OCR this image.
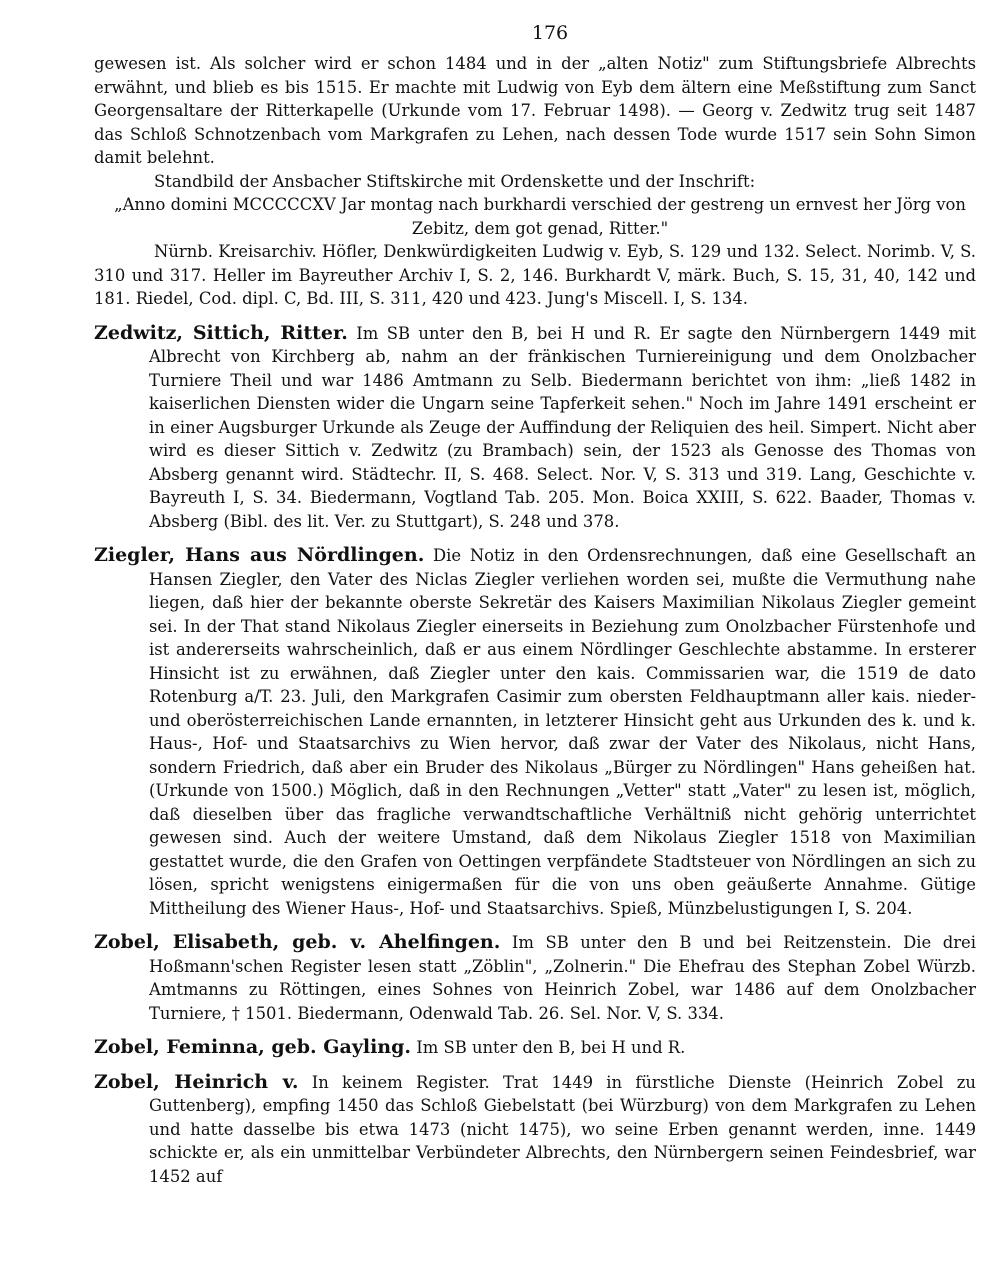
176

gewesen ist. Als solcher wird er schon 1484 und in der „alten Notiz" zum Stiftungsbriefe Albrechts erwähnt, und blieb es bis 1515. Er machte mit Ludwig von Eyb dem ältern eine Meßstiftung zum Sanct Georgensaltare der Ritterkapelle (Urkunde vom 17. Februar 1498). — Georg v. Zedwitz trug seit 1487 das Schloß Schnotzenbach vom Markgrafen zu Lehen, nach dessen Tode wurde 1517 sein Sohn Simon damit belehnt.

Standbild der Ansbacher Stiftskirche mit Ordenskette und der Inschrift:

„Anno domini MCCCCCXV Jar montag nach burkhardi verschied der gestreng un ernvest her Jörg von Zebitz, dem got genad, Ritter."

Nürnb. Kreisarchiv. Höfler, Denkwürdigkeiten Ludwig v. Eyb, S. 129 und 132. Select. Norimb. V, S. 310 und 317. Heller im Bayreuther Archiv I, S. 2, 146. Burkhardt V, märk. Buch, S. 15, 31, 40, 142 und 181. Riedel, Cod. dipl. C, Bd. III, S. 311, 420 und 423. Jung's Miscell. I, S. 134.

Zedwitz, Sittich, Ritter. Im SB unter den B, bei H und R. Er sagte den Nürnbergern 1449 mit Albrecht von Kirchberg ab, nahm an der fränkischen Turniereinigung und dem Onolzbacher Turniere Theil und war 1486 Amtmann zu Selb. Biedermann berichtet von ihm: „ließ 1482 in kaiserlichen Diensten wider die Ungarn seine Tapferkeit sehen." Noch im Jahre 1491 erscheint er in einer Augsburger Urkunde als Zeuge der Auffindung der Reliquien des heil. Simpert. Nicht aber wird es dieser Sittich v. Zedwitz (zu Brambach) sein, der 1523 als Genosse des Thomas von Absberg genannt wird. Städtechr. II, S. 468. Select. Nor. V, S. 313 und 319. Lang, Geschichte v. Bayreuth I, S. 34. Biedermann, Vogtland Tab. 205. Mon. Boica XXIII, S. 622. Baader, Thomas v. Absberg (Bibl. des lit. Ver. zu Stuttgart), S. 248 und 378.

Ziegler, Hans aus Nördlingen. Die Notiz in den Ordensrechnungen, daß eine Gesellschaft an Hansen Ziegler, den Vater des Niclas Ziegler verliehen worden sei, mußte die Vermuthung nahe liegen, daß hier der bekannte oberste Sekretär des Kaisers Maximilian Nikolaus Ziegler gemeint sei. In der That stand Nikolaus Ziegler einerseits in Beziehung zum Onolzbacher Fürstenhofe und ist andererseits wahrscheinlich, daß er aus einem Nördlinger Geschlechte abstamme. In ersterer Hinsicht ist zu erwähnen, daß Ziegler unter den kais. Commissarien war, die 1519 de dato Rotenburg a/T. 23. Juli, den Markgrafen Casimir zum obersten Feldhauptmann aller kais. nieder- und oberösterreichischen Lande ernannten, in letzterer Hinsicht geht aus Urkunden des k. und k. Haus-, Hof- und Staatsarchivs zu Wien hervor, daß zwar der Vater des Nikolaus, nicht Hans, sondern Friedrich, daß aber ein Bruder des Nikolaus „Bürger zu Nördlingen" Hans geheißen hat. (Urkunde von 1500.) Möglich, daß in den Rechnungen „Vetter" statt „Vater" zu lesen ist, möglich, daß dieselben über das fragliche verwandtschaftliche Verhältniß nicht gehörig unterrichtet gewesen sind. Auch der weitere Umstand, daß dem Nikolaus Ziegler 1518 von Maximilian gestattet wurde, die den Grafen von Oettingen verpfändete Stadtsteuer von Nördlingen an sich zu lösen, spricht wenigstens einigermaßen für die von uns oben geäußerte Annahme. Gütige Mittheilung des Wiener Haus-, Hof- und Staatsarchivs. Spieß, Münzbelustigungen I, S. 204.

Zobel, Elisabeth, geb. v. Ahelfingen. Im SB unter den B und bei Reitzenstein. Die drei Hoßmann'schen Register lesen statt „Zöblin", „Zolnerin." Die Ehefrau des Stephan Zobel Würzb. Amtmanns zu Röttingen, eines Sohnes von Heinrich Zobel, war 1486 auf dem Onolzbacher Turniere, † 1501. Biedermann, Odenwald Tab. 26. Sel. Nor. V, S. 334.

Zobel, Feminna, geb. Gayling. Im SB unter den B, bei H und R.

Zobel, Heinrich v. In keinem Register. Trat 1449 in fürstliche Dienste (Heinrich Zobel zu Guttenberg), empfing 1450 das Schloß Giebelstatt (bei Würzburg) von dem Markgrafen zu Lehen und hatte dasselbe bis etwa 1473 (nicht 1475), wo seine Erben genannt werden, inne. 1449 schickte er, als ein unmittelbar Verbündeter Albrechts, den Nürnbergern seinen Feindesbrief, war 1452 auf
